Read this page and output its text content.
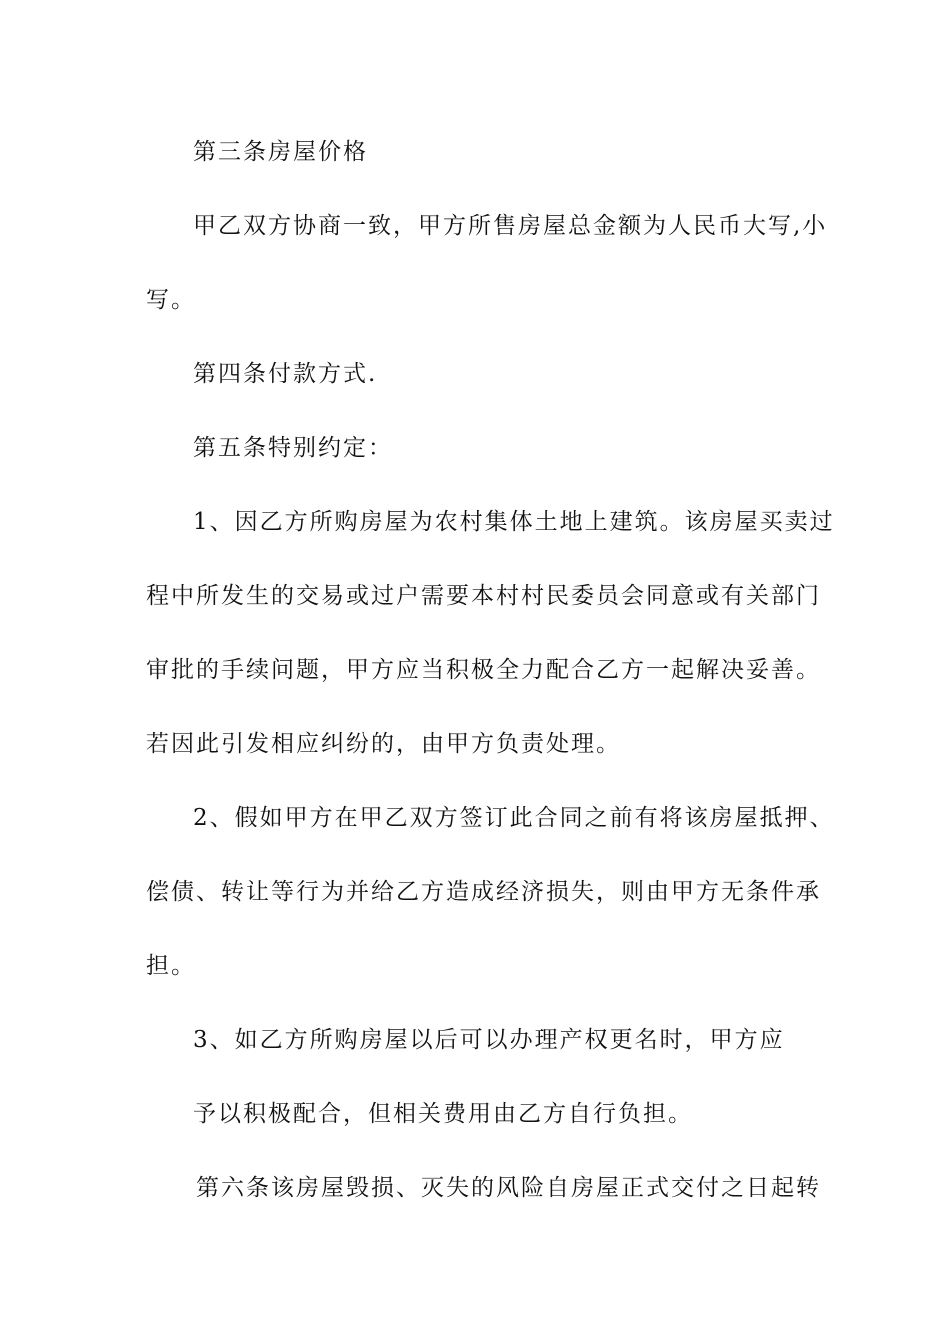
第三条房屋价格
甲乙双方协商一致，甲方所售房屋总金额为人民币大写,小
写。
第四条付款方式.
第五条特别约定：
1、因乙方所购房屋为农村集体土地上建筑。该房屋买卖过
程中所发生的交易或过户需要本村村民委员会同意或有关部门
审批的手续问题，甲方应当积极全力配合乙方一起解决妥善。
若因此引发相应纠纷的，由甲方负责处理。
2、假如甲方在甲乙双方签订此合同之前有将该房屋抵押、
偿债、转让等行为并给乙方造成经济损失，则由甲方无条件承
担。
3、如乙方所购房屋以后可以办理产权更名时，甲方应
予以积极配合，但相关费用由乙方自行负担。
第六条该房屋毁损、灭失的风险自房屋正式交付之日起转
